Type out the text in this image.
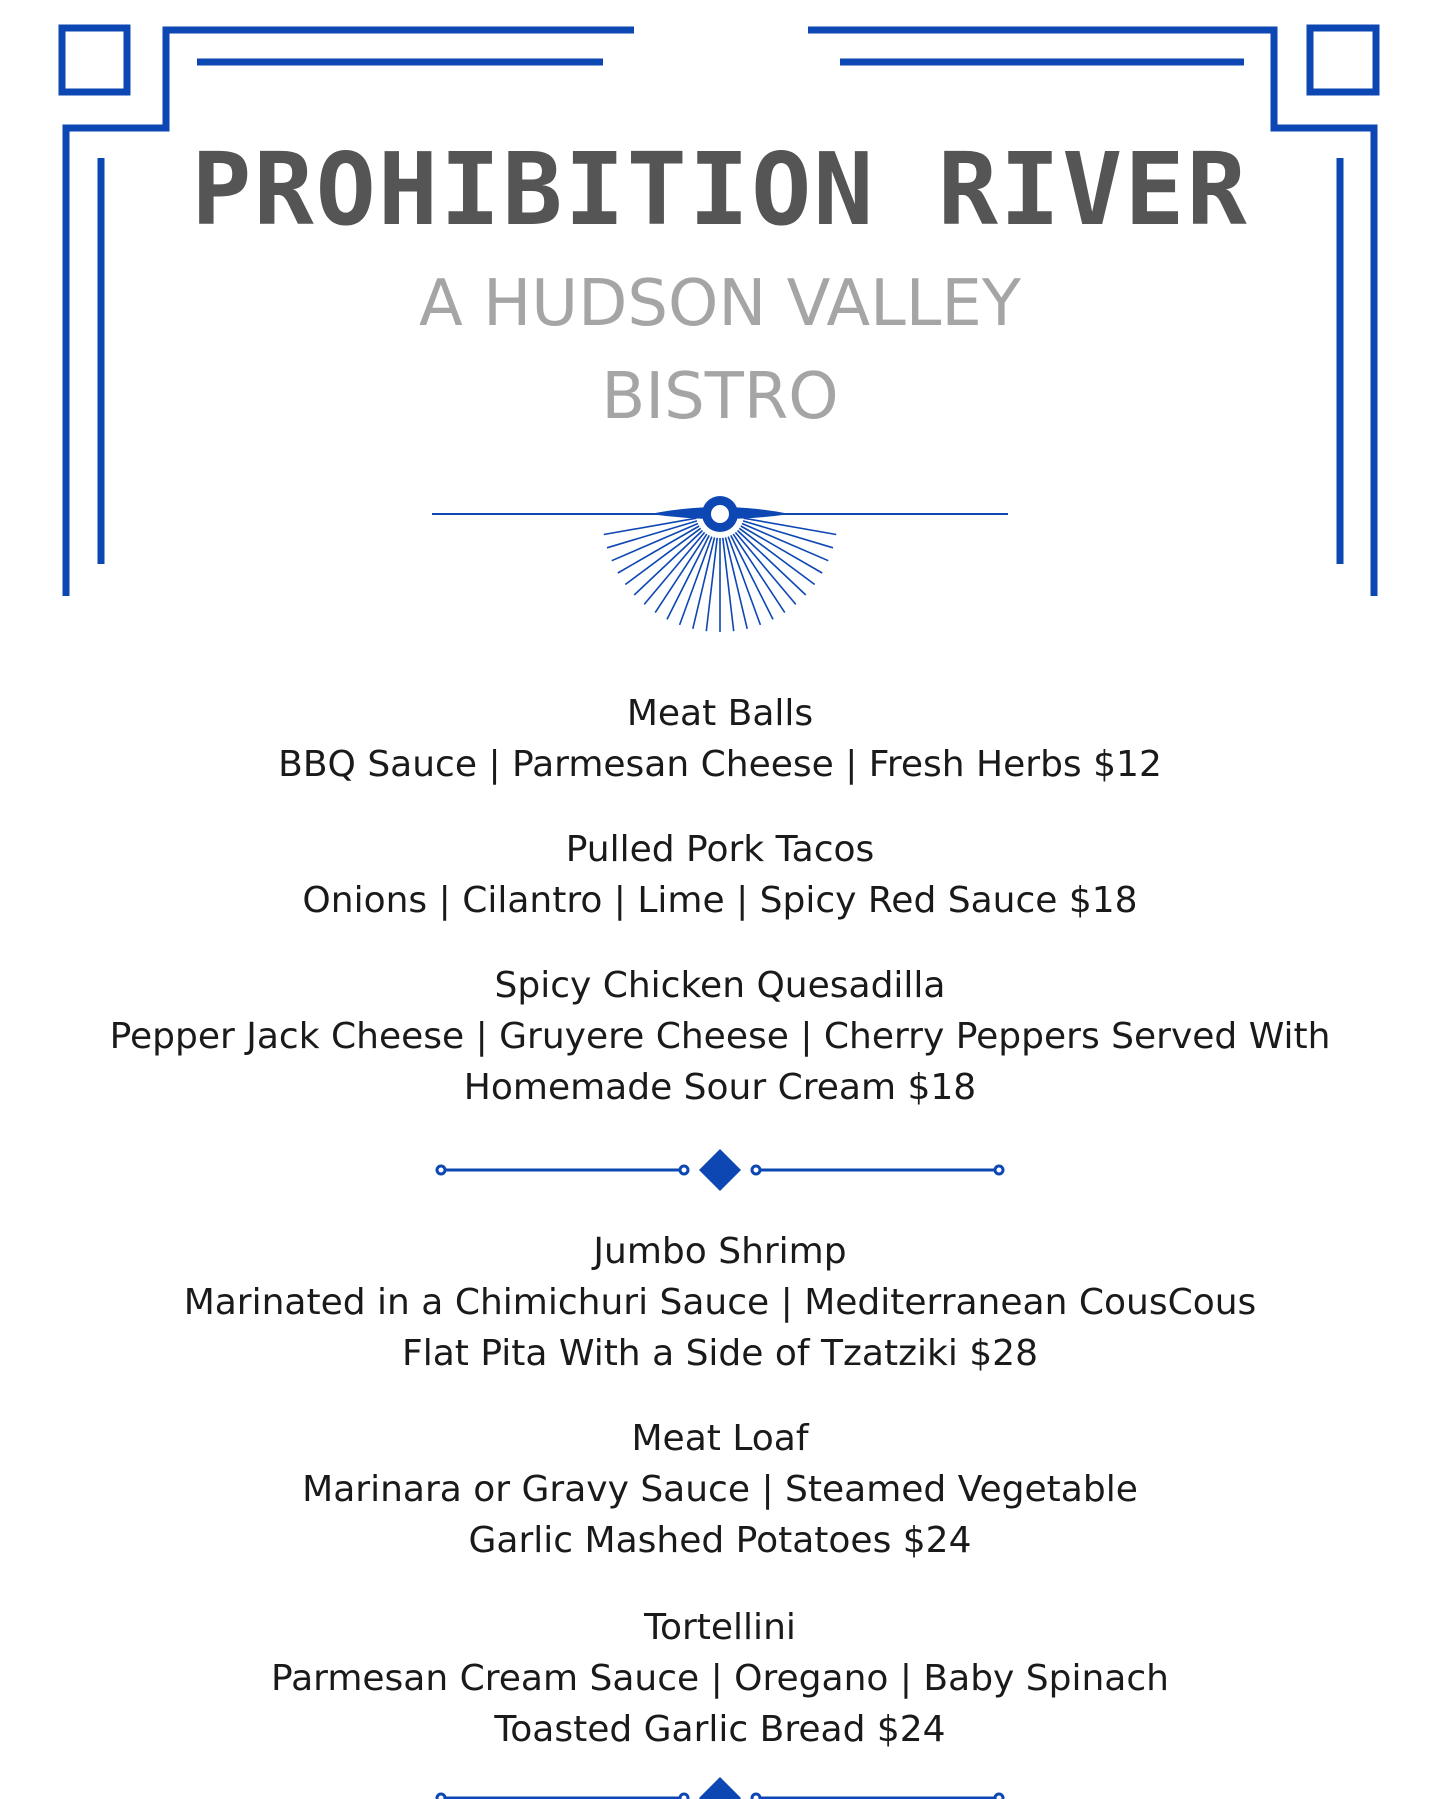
PROHIBITION RIVER
A HUDSON VALLEY
BISTRO
Meat Balls
BBQ Sauce | Parmesan Cheese | Fresh Herbs $12
Pulled Pork Tacos
Onions | Cilantro | Lime | Spicy Red Sauce $18
Spicy Chicken Quesadilla
Pepper Jack Cheese | Gruyere Cheese | Cherry Peppers Served With
Homemade Sour Cream $18
Jumbo Shrimp
Marinated in a Chimichuri Sauce | Mediterranean CousCous
Flat Pita With a Side of Tzatziki $28
Meat Loaf
Marinara or Gravy Sauce | Steamed Vegetable
Garlic Mashed Potatoes $24
Tortellini
Parmesan Cream Sauce | Oregano | Baby Spinach
Toasted Garlic Bread $24
